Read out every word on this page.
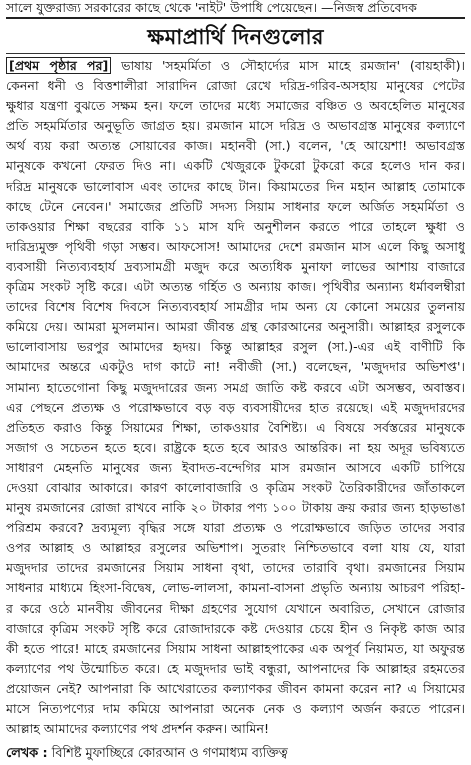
সালে যুক্তরাজ্য সরকারের কাছে থেকে 'নাইট' উপাধি পেয়েছেন। —নিজস্ব প্রতিবেদক
ক্ষমাপ্রার্থি দিনগুলোর
[প্রথম পৃষ্ঠার পর] ভাষায় 'সহমর্মিতা ও সৌহার্দ্যের মাস মাহে রমজান' (বায়হাকী)।
কেননা ধনী ও বিত্তশালীরা সারাদিন রোজা রেখে দরিদ্র-গরিব-অসহায় মানুষের পেটের
ক্ষুধার যন্ত্রণা বুঝতে সক্ষম হন। ফলে তাদের মধ্যে সমাজের বঞ্চিত ও অবহেলিত মানুষের
প্রতি সহমর্মিতার অনুভূতি জাগ্রত হয়। রমজান মাসে দরিদ্র ও অভাবগ্রস্ত মানুষের কল্যাণে
অর্থ ব্যয় করা অত্যন্ত সোয়াবের কাজ। মহানবী (সা.) বলেন, 'হে আয়েশা! অভাবগ্রস্ত
মানুষকে কখনো ফেরত দিও না। একটি খেজুরকে টুকরো টুকরো করে হলেও দান কর।
দরিদ্র মানুষকে ভালোবাস এবং তাদের কাছে টান। কিয়ামতের দিন মহান আল্লাহ তোমাকে
কাছে টেনে নেবেন।' সমাজের প্রতিটি সদস্য সিয়াম সাধনার ফলে অর্জিত সহমর্মিতা ও
তাকওয়ার শিক্ষা বছরের বাকি ১১ মাস যদি অনুশীলন করতে পারে তাহলে ক্ষুধা ও
দারিদ্র্যমুক্ত পৃথিবী গড়া সম্ভব। আফসোস! আমাদের দেশে রমজান মাস এলে কিছু অসাধু
ব্যবসায়ী নিত্যব্যবহার্য দ্রব্যসামগ্রী মজুদ করে অত্যধিক মুনাফা লাভের আশায় বাজারে
কৃত্রিম সংকট সৃষ্টি করে। এটা অত্যন্ত গর্হিত ও অন্যায় কাজ। পৃথিবীর অন্যান্য ধর্মাবলম্বীরা
তাদের বিশেষ বিশেষ দিবসে নিত্যব্যবহার্য সামগ্রীর দাম অন্য যে কোনো সময়ের তুলনায়
কমিয়ে দেয়। আমরা মুসলমান। আমরা জীবন্ত গ্রন্থ কোরআনের অনুসারী। আল্লাহর রসুলকে
ভালোবাসায় ভরপুর আমাদের হৃদয়। কিন্তু আল্লাহর রসুল (সা.)-এর এই বাণীটি কি
আমাদের অন্তরে একটুও দাগ কাটে না! নবীজী (সা.) বলেছেন, 'মজুদদার অভিশপ্ত'।
সামান্য হাতেগোনা কিছু মজুদদারের জন্য সমগ্র জাতি কষ্ট করবে এটা অসম্ভব, অবাস্তব।
এর পেছনে প্রত্যক্ষ ও পরোক্ষভাবে বড় বড় ব্যবসায়ীদের হাত রয়েছে। এই মজুদদারদের
প্রতিহত করাও কিন্তু সিয়ামের শিক্ষা, তাকওয়ার বৈশিষ্ট্য। এ বিষয়ে সর্বস্তরের মানুষকে
সজাগ ও সচেতন হতে হবে। রাষ্ট্রকে হতে হবে আরও আন্তরিক। না হয় অদূর ভবিষ্যতে
সাধারণ মেহনতি মানুষের জন্য ইবাদত-বন্দেগির মাস রমজান আসবে একটি চাপিয়ে
দেওয়া বোঝার আকারে। কারণ কালোবাজারি ও কৃত্রিম সংকট তৈরিকারীদের জাঁতাকলে
মানুষ রমজানের রোজা রাখবে নাকি ২০ টাকার পণ্য ১০০ টাকায় ক্রয় করার জন্য হাড়ভাঙা
পরিশ্রম করবে? দ্রব্যমূল্য বৃদ্ধির সঙ্গে যারা প্রত্যক্ষ ও পরোক্ষভাবে জড়িত তাদের সবার
ওপর আল্লাহ ও আল্লাহর রসুলের অভিশাপ। সুতরাং নিশ্চিতভাবে বলা যায় যে, যারা
মজুদদার তাদের রমজানের সিয়াম সাধনা বৃথা, তাদের তারাবি বৃথা। রমজানের সিয়াম
সাধনার মাধ্যমে হিংসা-বিদ্বেষ, লোভ-লালসা, কামনা-বাসনা প্রভৃতি অন্যায় আচরণ পরিহা-
র করে ওঠে মানবীয় জীবনের দীক্ষা গ্রহণের সুযোগ যেখানে অবারিত, সেখানে রোজার
বাজারে কৃত্রিম সংকট সৃষ্টি করে রোজাদারকে কষ্ট দেওয়ার চেয়ে হীন ও নিকৃষ্ট কাজ আর
কী হতে পারে! মাহে রমজানের সিয়াম সাধনা আল্লাহপাকের এক অপূর্ব নিয়ামত, যা অফুরন্ত
কল্যাণের পথ উন্মোচিত করে। হে মজুদদার ভাই বন্ধুরা, আপনাদের কি আল্লাহর রহমতের
প্রয়োজন নেই? আপনারা কি আখেরাতের কল্যাণকর জীবন কামনা করেন না? এ সিয়ামের
মাসে নিত্যপণ্যের দাম কমিয়ে আপনারা অনেক নেক ও কল্যাণ অর্জন করতে পারেন।
আল্লাহ আমাদের কল্যাণের পথ প্রদর্শন করুন। আমিন!
লেখক : বিশিষ্ট মুফাচ্ছিরে কোরআন ও গণমাধ্যম ব্যক্তিত্ব
